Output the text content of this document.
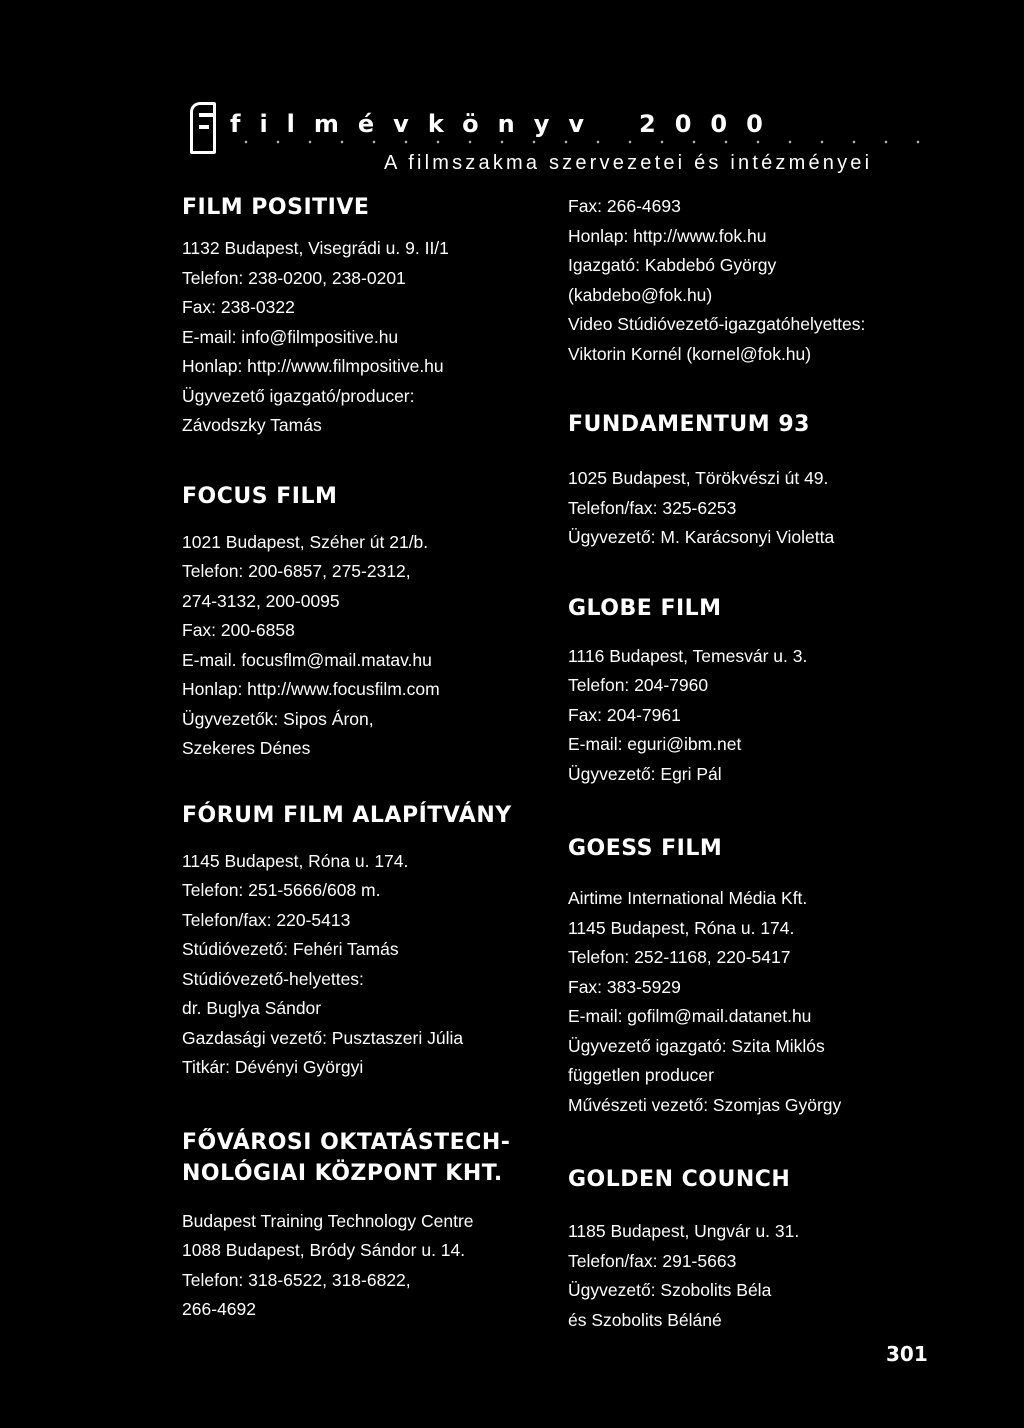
filmévkönyv 2000
A filmszakma szervezetei és intézményei
FILM POSITIVE
1132 Budapest, Visegrádi u. 9. II/1
Telefon: 238-0200, 238-0201
Fax: 238-0322
E-mail: info@filmpositive.hu
Honlap: http://www.filmpositive.hu
Ügyvezető igazgató/producer:
Závodszky Tamás
FOCUS FILM
1021 Budapest, Széher út 21/b.
Telefon: 200-6857, 275-2312,
274-3132, 200-0095
Fax: 200-6858
E-mail. focusflm@mail.matav.hu
Honlap: http://www.focusfilm.com
Ügyvezetők: Sipos Áron,
Szekeres Dénes
FÓRUM FILM ALAPÍTVÁNY
1145 Budapest, Róna u. 174.
Telefon: 251-5666/608 m.
Telefon/fax: 220-5413
Stúdióvezető: Fehéri Tamás
Stúdióvezető-helyettes:
dr. Buglya Sándor
Gazdasági vezető: Pusztaszeri Júlia
Titkár: Dévényi Györgyi
FŐVÁROSI OKTATÁSTECH-
NOLÓGIAI KÖZPONT KHT.
Budapest Training Technology Centre
1088 Budapest, Bródy Sándor u. 14.
Telefon: 318-6522, 318-6822,
266-4692
Fax: 266-4693
Honlap: http://www.fok.hu
Igazgató: Kabdebó György
(kabdebo@fok.hu)
Video Stúdióvezető-igazgatóhelyettes:
Viktorin Kornél (kornel@fok.hu)
FUNDAMENTUM 93
1025 Budapest, Törökvészi út 49.
Telefon/fax: 325-6253
Ügyvezető: M. Karácsonyi Violetta
GLOBE FILM
1116 Budapest, Temesvár u. 3.
Telefon: 204-7960
Fax: 204-7961
E-mail: eguri@ibm.net
Ügyvezető: Egri Pál
GOESS FILM
Airtime International Média Kft.
1145 Budapest, Róna u. 174.
Telefon: 252-1168, 220-5417
Fax: 383-5929
E-mail: gofilm@mail.datanet.hu
Ügyvezető igazgató: Szita Miklós
független producer
Művészeti vezető: Szomjas György
GOLDEN COUNCH
1185 Budapest, Ungvár u. 31.
Telefon/fax: 291-5663
Ügyvezető: Szobolits Béla
és Szobolits Béláné
301
